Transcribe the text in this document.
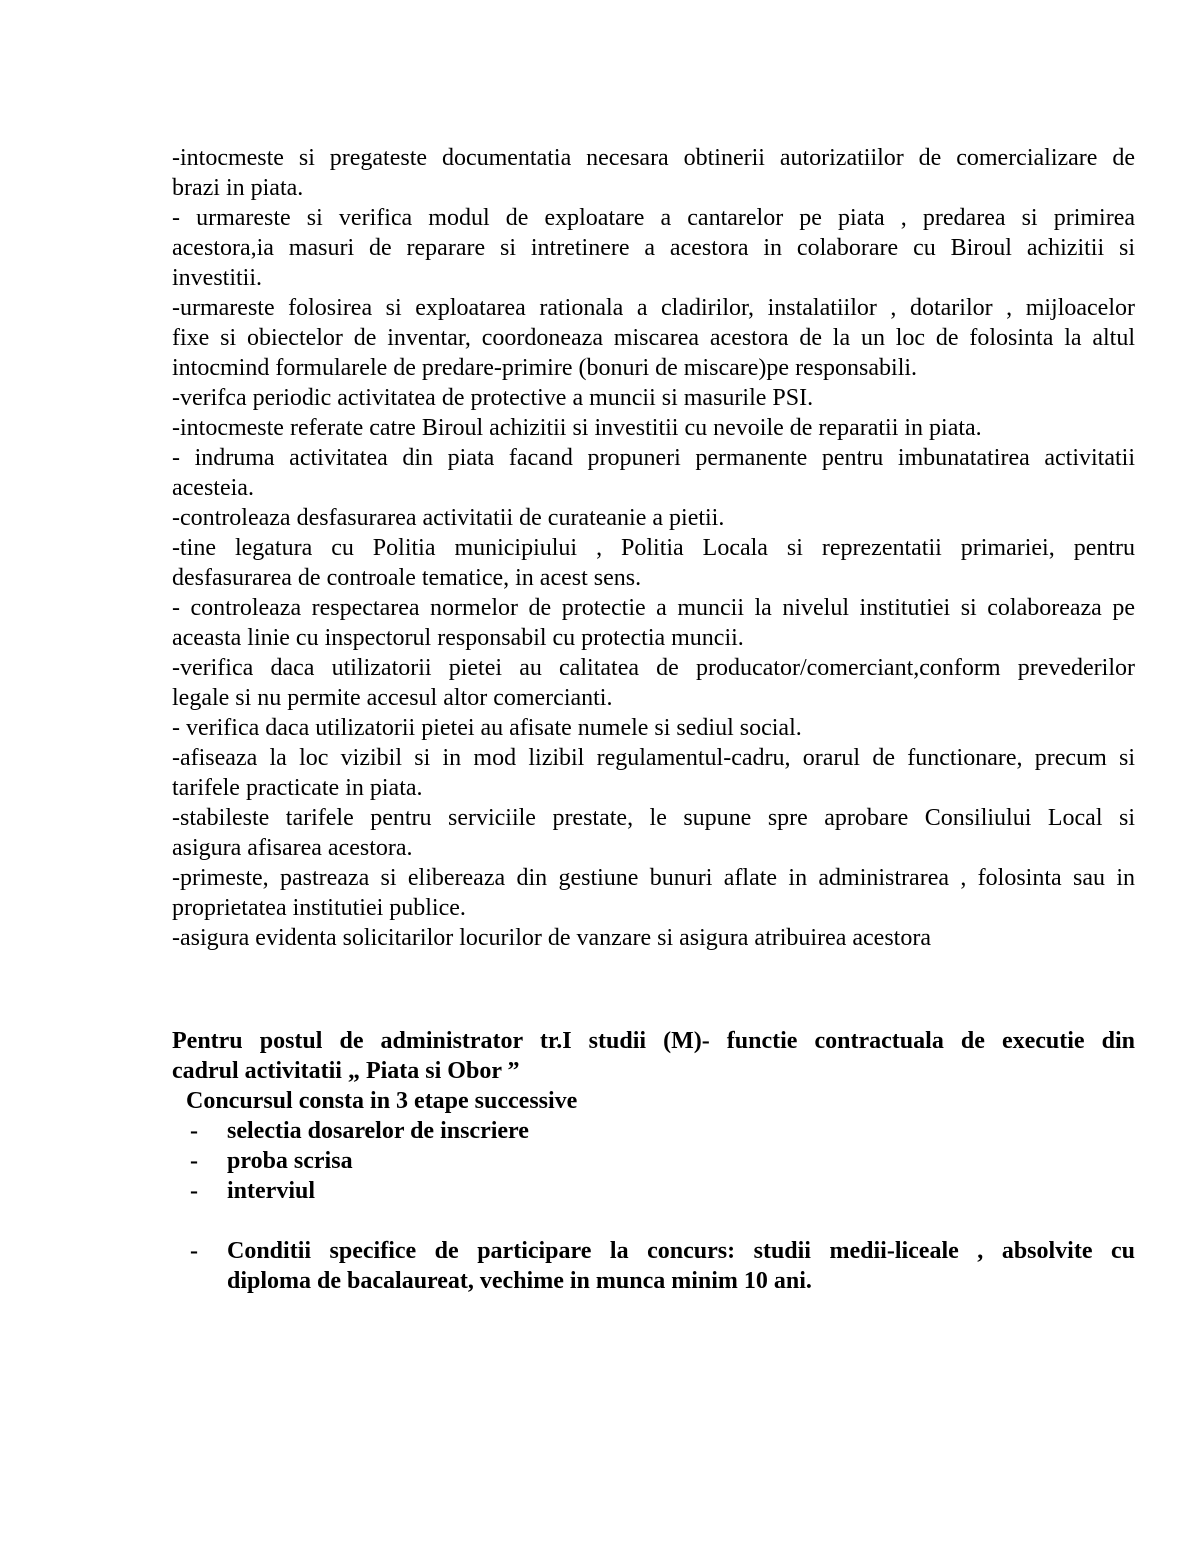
-intocmeste si pregateste documentatia necesara obtinerii autorizatiilor de comercializare de
brazi in piata.
- urmareste si verifica modul de exploatare a cantarelor pe piata , predarea si primirea
acestora,ia masuri de reparare si intretinere a acestora in colaborare cu Biroul achizitii si
investitii.
-urmareste folosirea si exploatarea rationala a cladirilor, instalatiilor , dotarilor , mijloacelor
fixe si obiectelor de inventar, coordoneaza miscarea acestora de la un loc de folosinta la altul
intocmind formularele de predare-primire (bonuri de miscare)pe responsabili.
-verifca periodic activitatea de protective a muncii si masurile PSI.
-intocmeste referate catre Biroul achizitii si investitii cu nevoile de reparatii in piata.
- indruma activitatea din piata facand propuneri permanente pentru imbunatatirea activitatii
acesteia.
-controleaza desfasurarea activitatii de curateanie a pietii.
-tine legatura cu Politia municipiului , Politia Locala si reprezentatii primariei, pentru
desfasurarea de controale tematice, in acest sens.
- controleaza respectarea normelor de protectie a muncii la nivelul institutiei si colaboreaza pe
aceasta linie cu inspectorul responsabil cu protectia muncii.
-verifica daca utilizatorii pietei au calitatea de producator/comerciant,conform prevederilor
legale si nu permite accesul altor comercianti.
- verifica daca utilizatorii pietei au afisate numele si sediul social.
-afiseaza la loc vizibil si in mod lizibil regulamentul-cadru, orarul de functionare, precum si
tarifele practicate in piata.
-stabileste tarifele pentru serviciile prestate, le supune spre aprobare Consiliului Local si
asigura afisarea acestora.
-primeste, pastreaza si elibereaza din gestiune bunuri aflate in administrarea , folosinta sau in
proprietatea institutiei publice.
-asigura evidenta solicitarilor locurilor de vanzare si asigura atribuirea acestora
Pentru postul de administrator tr.I studii (M)- functie contractuala de executie din
cadrul activitatii „ Piata si Obor ”
Concursul consta in 3 etape successive
-	selectia dosarelor de inscriere
-	proba scrisa
-	interviul
-	Conditii specifice de participare la concurs: studii medii-liceale , absolvite cu
diploma de bacalaureat, vechime in munca minim 10 ani.
